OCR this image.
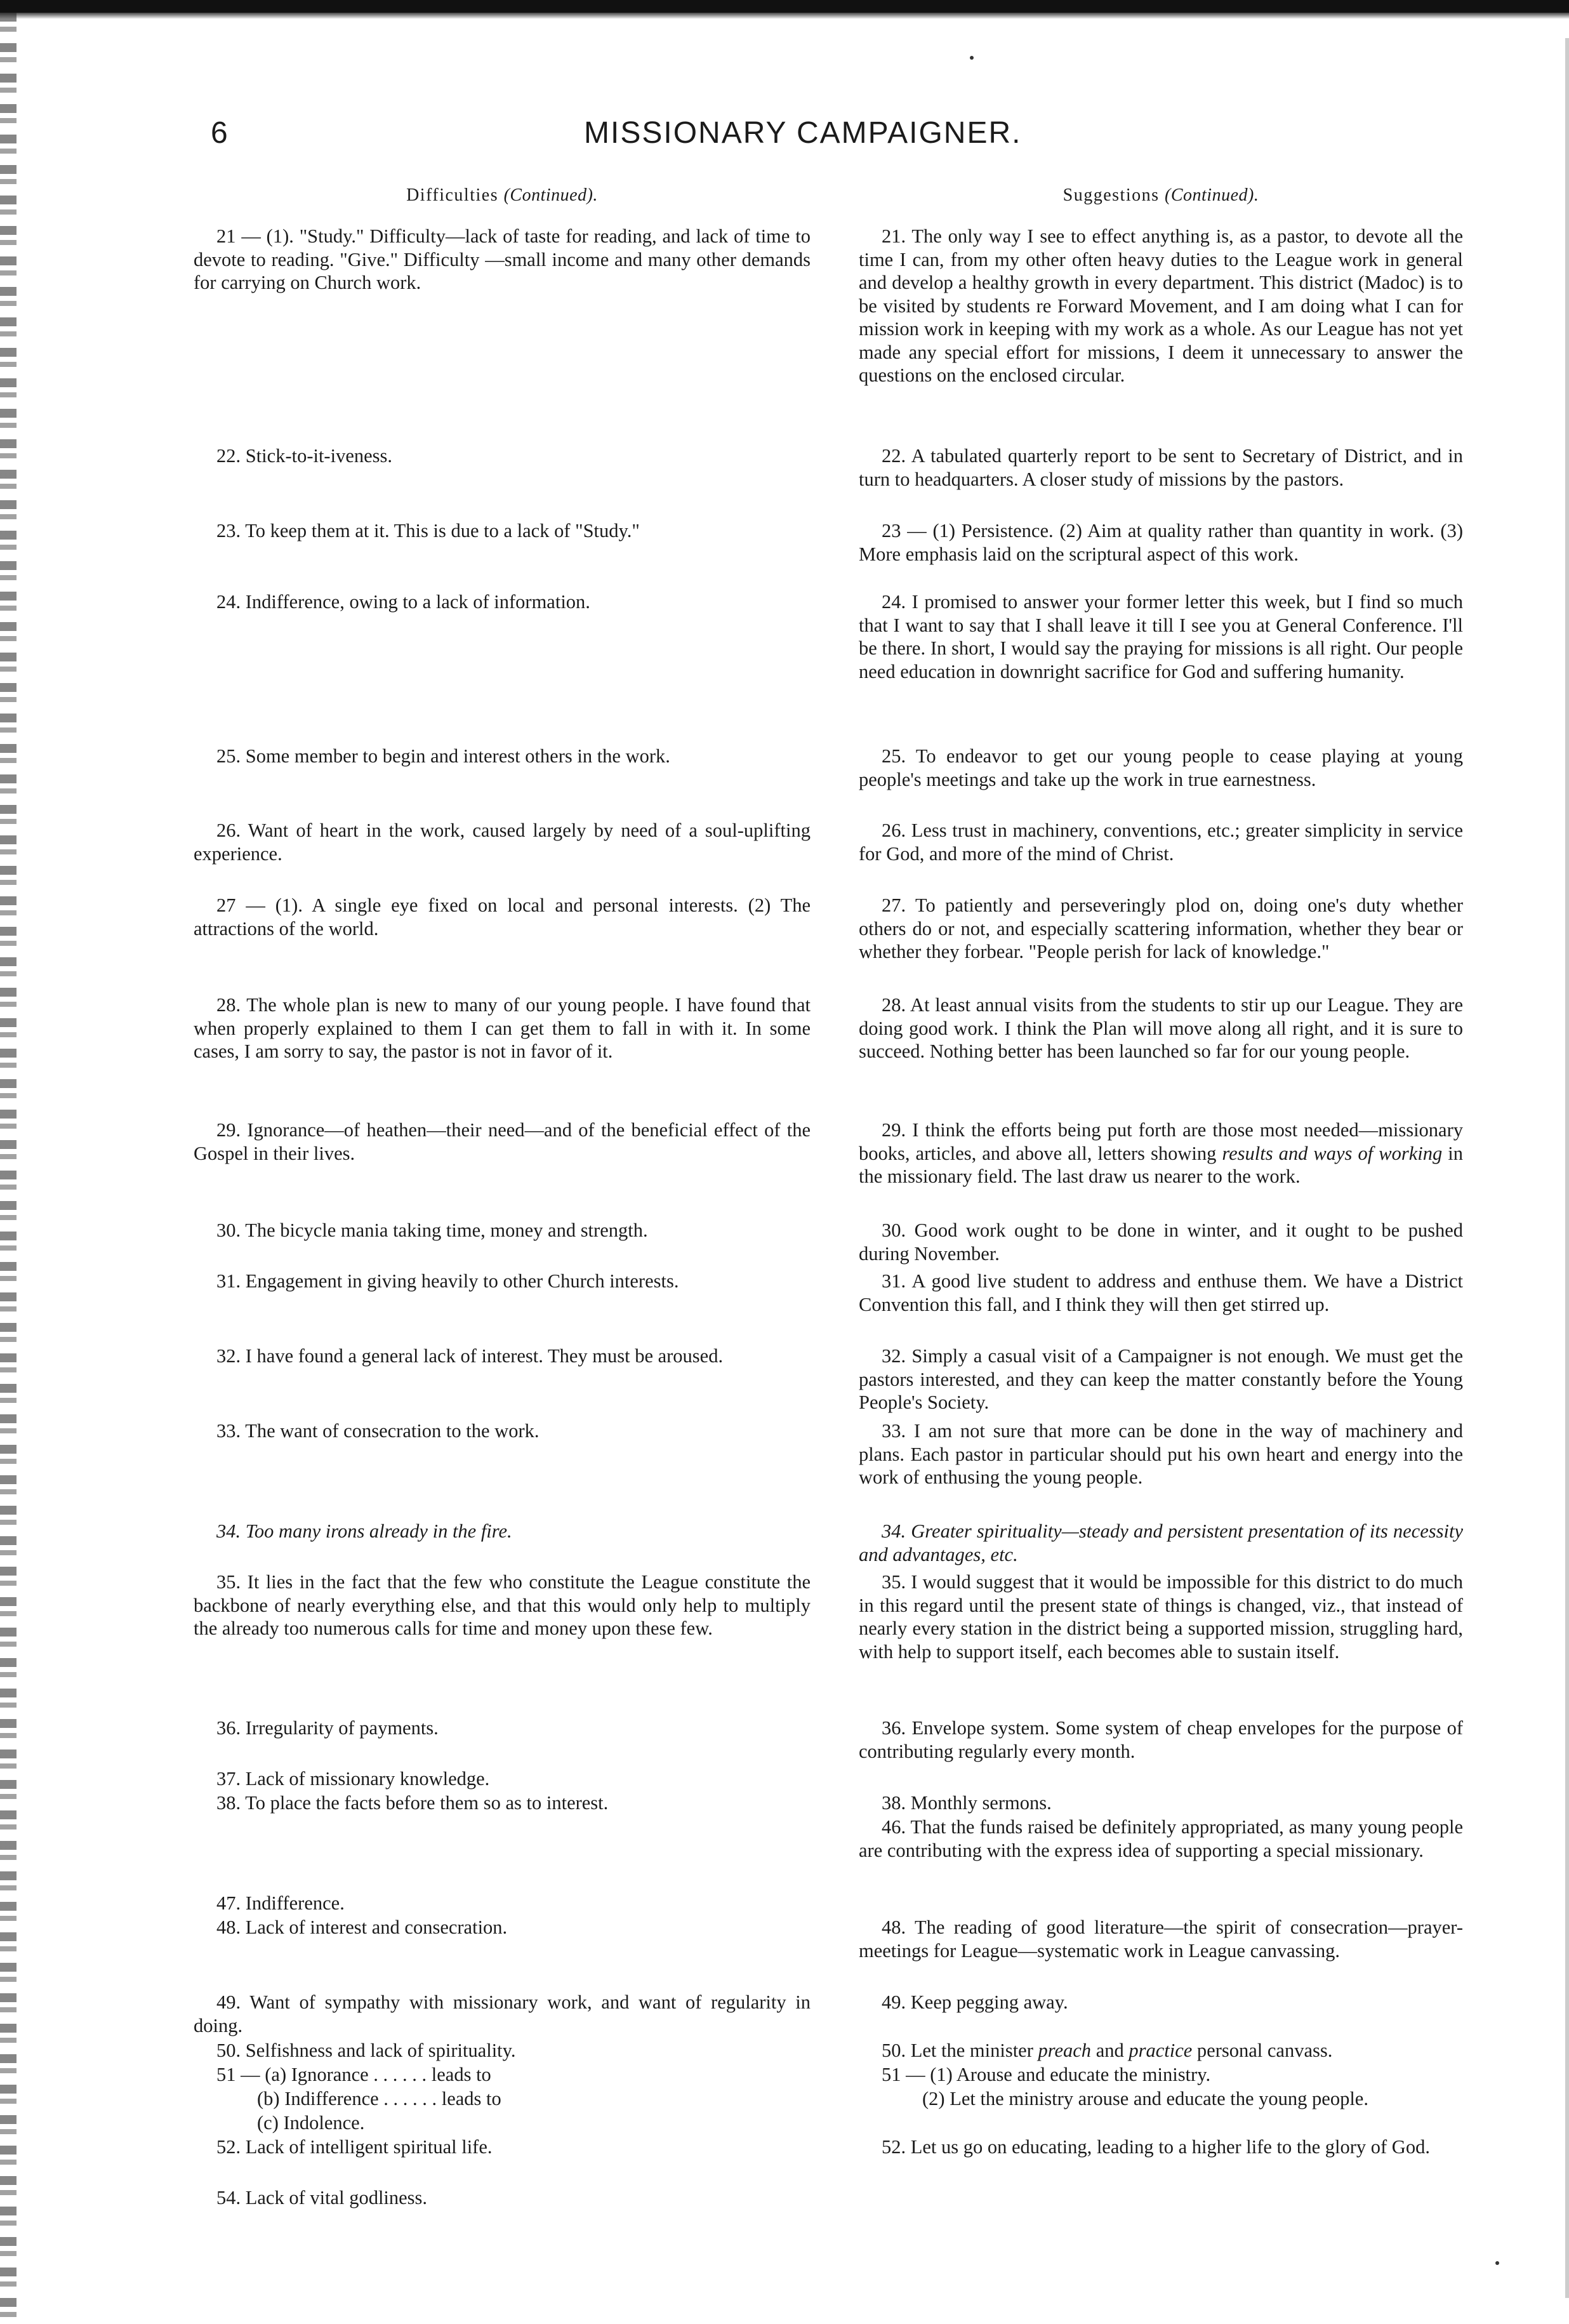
6	MISSIONARY CAMPAIGNER.
Difficulties (Continued).
21 — (1). "Study." Difficulty—lack of taste for reading, and lack of time to devote to reading. "Give." Difficulty —small income and many other demands for carrying on Church work.
22. Stick-to-it-iveness.
23. To keep them at it. This is due to a lack of "Study."
24. Indifference, owing to a lack of information.
25. Some member to begin and interest others in the work.
26. Want of heart in the work, caused largely by need of a soul-uplifting experience.
27 — (1). A single eye fixed on local and personal interests. (2) The attractions of the world.
28. The whole plan is new to many of our young people. I have found that when properly explained to them I can get them to fall in with it. In some cases, I am sorry to say, the pastor is not in favor of it.
29. Ignorance—of heathen—their need—and of the beneficial effect of the Gospel in their lives.
30. The bicycle mania taking time, money and strength.
31. Engagement in giving heavily to other Church interests.
32. I have found a general lack of interest. They must be aroused.
33. The want of consecration to the work.
34. Too many irons already in the fire.
35. It lies in the fact that the few who constitute the League constitute the backbone of nearly everything else, and that this would only help to multiply the already too numerous calls for time and money upon these few.
36. Irregularity of payments.
37. Lack of missionary knowledge.
38. To place the facts before them so as to interest.
47. Indifference.
48. Lack of interest and consecration.
49. Want of sympathy with missionary work, and want of regularity in doing.
50. Selfishness and lack of spirituality.
51 — (a) Ignorance . . . . . . leads to
(b) Indifference . . . . . . leads to
(c) Indolence.
52. Lack of intelligent spiritual life.
54. Lack of vital godliness.
Suggestions (Continued).
21. The only way I see to effect anything is, as a pastor, to devote all the time I can, from my other often heavy duties to the League work in general and develop a healthy growth in every department. This district (Madoc) is to be visited by students re Forward Movement, and I am doing what I can for mission work in keeping with my work as a whole. As our League has not yet made any special effort for missions, I deem it unnecessary to answer the questions on the enclosed circular.
22. A tabulated quarterly report to be sent to Secretary of District, and in turn to headquarters. A closer study of missions by the pastors.
23 — (1) Persistence. (2) Aim at quality rather than quantity in work. (3) More emphasis laid on the scriptural aspect of this work.
24. I promised to answer your former letter this week, but I find so much that I want to say that I shall leave it till I see you at General Conference. I'll be there. In short, I would say the praying for missions is all right. Our people need education in downright sacrifice for God and suffering humanity.
25. To endeavor to get our young people to cease playing at young people's meetings and take up the work in true earnestness.
26. Less trust in machinery, conventions, etc.; greater simplicity in service for God, and more of the mind of Christ.
27. To patiently and perseveringly plod on, doing one's duty whether others do or not, and especially scattering information, whether they bear or whether they forbear. "People perish for lack of knowledge."
28. At least annual visits from the students to stir up our League. They are doing good work. I think the Plan will move along all right, and it is sure to succeed. Nothing better has been launched so far for our young people.
29. I think the efforts being put forth are those most needed—missionary books, articles, and above all, letters showing results and ways of working in the missionary field. The last draw us nearer to the work.
30. Good work ought to be done in winter, and it ought to be pushed during November.
31. A good live student to address and enthuse them. We have a District Convention this fall, and I think they will then get stirred up.
32. Simply a casual visit of a Campaigner is not enough. We must get the pastors interested, and they can keep the matter constantly before the Young People's Society.
33. I am not sure that more can be done in the way of machinery and plans. Each pastor in particular should put his own heart and energy into the work of enthusing the young people.
34. Greater spirituality—steady and persistent presentation of its necessity and advantages, etc.
35. I would suggest that it would be impossible for this district to do much in this regard until the present state of things is changed, viz., that instead of nearly every station in the district being a supported mission, struggling hard, with help to support itself, each becomes able to sustain itself.
36. Envelope system. Some system of cheap envelopes for the purpose of contributing regularly every month.
38. Monthly sermons.
46. That the funds raised be definitely appropriated, as many young people are contributing with the express idea of supporting a special missionary.
48. The reading of good literature—the spirit of consecration—prayer-meetings for League—systematic work in League canvassing.
49. Keep pegging away.
50. Let the minister preach and practice personal canvass.
51 — (1) Arouse and educate the ministry.
(2) Let the ministry arouse and educate the young people.
52. Let us go on educating, leading to a higher life to the glory of God.
